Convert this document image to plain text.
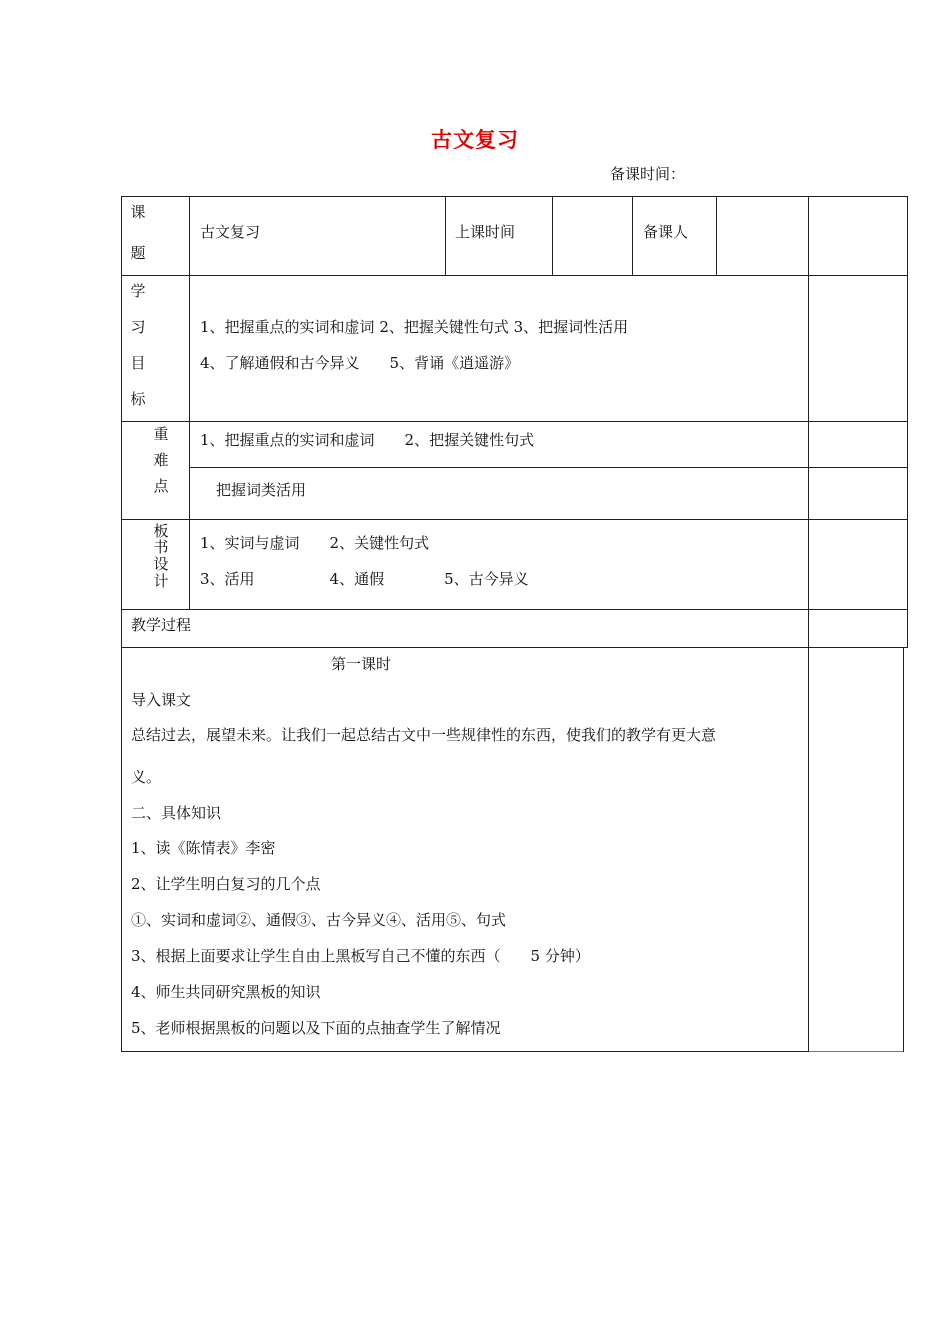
古文复习
备课时间：
课
题
古文复习	上课时间	备课人
学
习
目
标
1、把握重点的实词和虚词 2、把握关键性句式 3、把握词性活用
4、了解通假和古今异义　　5、背诵《逍遥游》
重
难
点
1、把握重点的实词和虚词　　2、把握关键性句式
把握词类活用
板
书
设
计
1、实词与虚词　　2、关键性句式
3、活用　　　　　4、通假　　　　5、古今异义
教学过程
第一课时
导入课文
总结过去，展望未来。让我们一起总结古文中一些规律性的东西，使我们的教学有更大意
义。
二、具体知识
1、读《陈情表》李密
2、让学生明白复习的几个点
①、实词和虚词②、通假③、古今异义④、活用⑤、句式
3、根据上面要求让学生自由上黑板写自己不懂的东西（　　5 分钟）
4、师生共同研究黑板的知识
5、老师根据黑板的问题以及下面的点抽查学生了解情况
